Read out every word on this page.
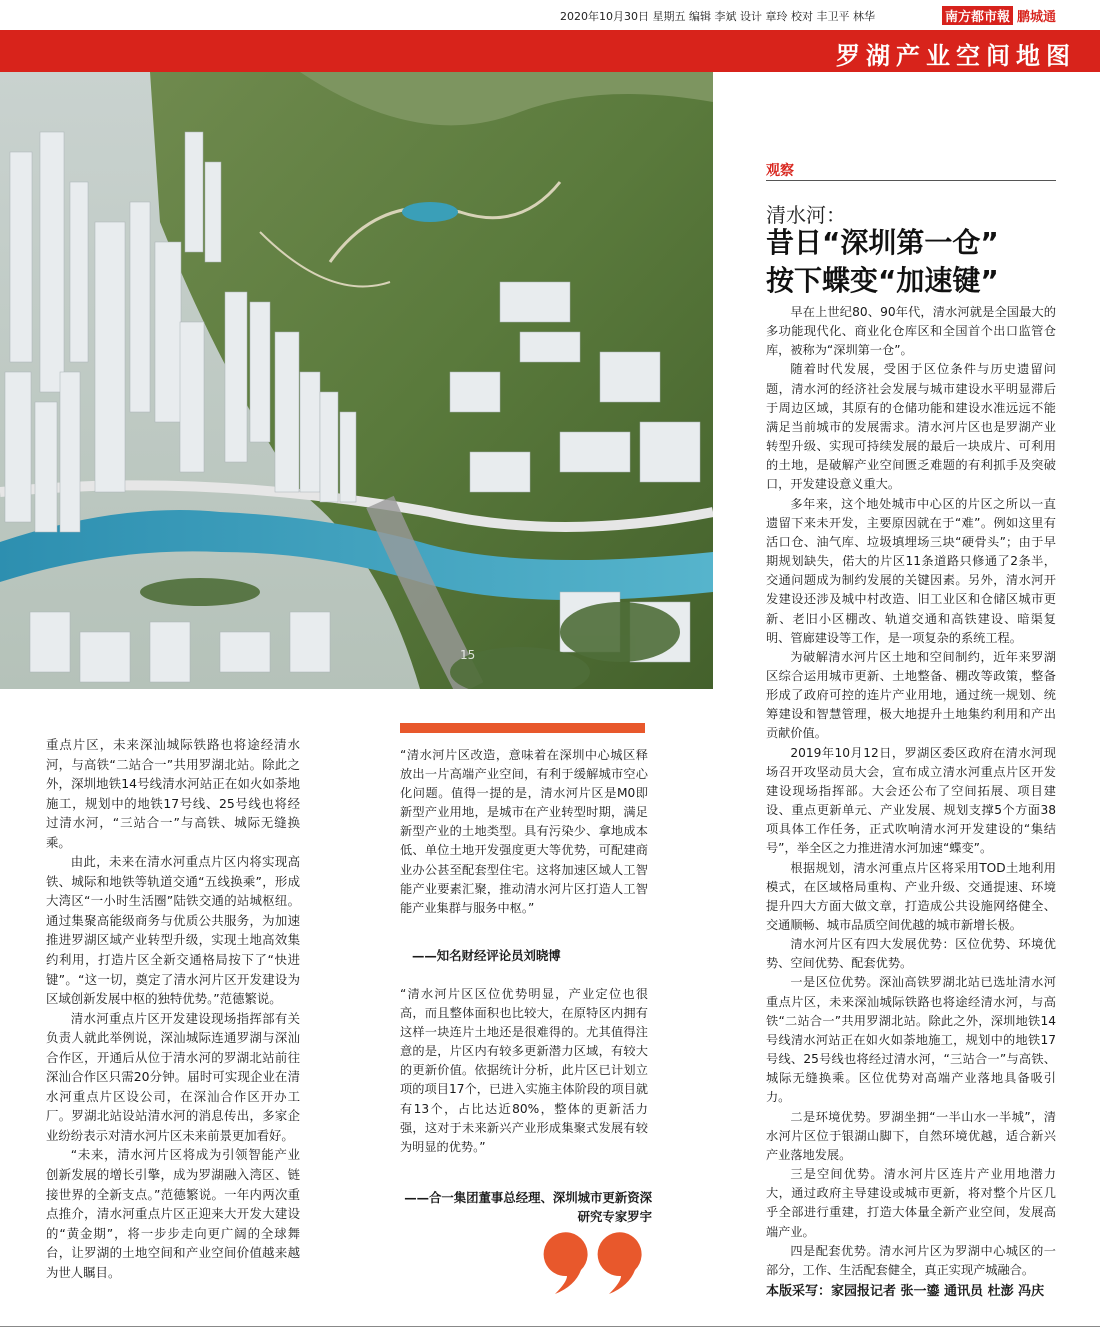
2020年10月30日 星期五 编辑 李斌 设计 章玲 校对 丰卫平 林华	南方都市報 鹏城通
罗湖产业空间地图
15
观察
清水河：
昔日“深圳第一仓”
按下蝶变“加速键”

早在上世纪80、90年代，清水河就是全国最大的多功能现代化、商业化仓库区和全国首个出口监管仓库，被称为“深圳第一仓”。

随着时代发展，受困于区位条件与历史遗留问题，清水河的经济社会发展与城市建设水平明显滞后于周边区域，其原有的仓储功能和建设水准远远不能满足当前城市的发展需求。清水河片区也是罗湖产业转型升级、实现可持续发展的最后一块成片、可利用的土地，是破解产业空间匮乏难题的有利抓手及突破口，开发建设意义重大。

多年来，这个地处城市中心区的片区之所以一直遗留下来未开发，主要原因就在于“难”。例如这里有活口仓、油气库、垃圾填埋场三块“硬骨头”；由于早期规划缺失，偌大的片区11条道路只修通了2条半，交通问题成为制约发展的关键因素。另外，清水河开发建设还涉及城中村改造、旧工业区和仓储区城市更新、老旧小区棚改、轨道交通和高铁建设、暗渠复明、管廊建设等工作，是一项复杂的系统工程。

为破解清水河片区土地和空间制约，近年来罗湖区综合运用城市更新、土地整备、棚改等政策，整备形成了政府可控的连片产业用地，通过统一规划、统筹建设和智慧管理，极大地提升土地集约利用和产出贡献价值。

2019年10月12日，罗湖区委区政府在清水河现场召开攻坚动员大会，宣布成立清水河重点片区开发建设现场指挥部。大会还公布了空间拓展、项目建设、重点更新单元、产业发展、规划支撑5个方面38项具体工作任务，正式吹响清水河开发建设的“集结号”，举全区之力推进清水河加速“蝶变”。

根据规划，清水河重点片区将采用TOD土地利用模式，在区域格局重构、产业升级、交通提速、环境提升四大方面大做文章，打造成公共设施网络健全、交通顺畅、城市品质空间优越的城市新增长极。

清水河片区有四大发展优势：区位优势、环境优势、空间优势、配套优势。

一是区位优势。深汕高铁罗湖北站已选址清水河重点片区，未来深汕城际铁路也将途经清水河，与高铁“二站合一”共用罗湖北站。除此之外，深圳地铁14号线清水河站正在如火如荼地施工，规划中的地铁17号线、25号线也将经过清水河，“三站合一”与高铁、城际无缝换乘。区位优势对高端产业落地具备吸引力。

二是环境优势。罗湖坐拥“一半山水一半城”，清水河片区位于银湖山脚下，自然环境优越，适合新兴产业落地发展。

三是空间优势。清水河片区连片产业用地潜力大，通过政府主导建设或城市更新，将对整个片区几乎全部进行重建，打造大体量全新产业空间，发展高端产业。

四是配套优势。清水河片区为罗湖中心城区的一部分，工作、生活配套健全，真正实现产城融合。

重点片区，未来深汕城际铁路也将途经清水河，与高铁“二站合一”共用罗湖北站。除此之外，深圳地铁14号线清水河站正在如火如荼地施工，规划中的地铁17号线、25号线也将经过清水河，“三站合一”与高铁、城际无缝换乘。

由此，未来在清水河重点片区内将实现高铁、城际和地铁等轨道交通“五线换乘”，形成大湾区“一小时生活圈”陆铁交通的站城枢纽。通过集聚高能级商务与优质公共服务，为加速推进罗湖区域产业转型升级，实现土地高效集约利用，打造片区全新交通格局按下了“快进键”。“这一切，奠定了清水河片区开发建设为区域创新发展中枢的独特优势。”范德繁说。

清水河重点片区开发建设现场指挥部有关负责人就此举例说，深汕城际连通罗湖与深汕合作区，开通后从位于清水河的罗湖北站前往深汕合作区只需20分钟。届时可实现企业在清水河重点片区设公司，在深汕合作区开办工厂。罗湖北站设站清水河的消息传出，多家企业纷纷表示对清水河片区未来前景更加看好。

“未来，清水河片区将成为引领智能产业创新发展的增长引擎，成为罗湖融入湾区、链接世界的全新支点。”范德繁说。一年内两次重点推介，清水河重点片区正迎来大开发大建设的“黄金期”，将一步步走向更广阔的全球舞台，让罗湖的土地空间和产业空间价值越来越为世人瞩目。

“清水河片区改造，意味着在深圳中心城区释放出一片高端产业空间，有利于缓解城市空心化问题。值得一提的是，清水河片区是M0即新型产业用地，是城市在产业转型时期，满足新型产业的土地类型。具有污染少、拿地成本低、单位土地开发强度更大等优势，可配建商业办公甚至配套型住宅。这将加速区域人工智能产业要素汇聚，推动清水河片区打造人工智能产业集群与服务中枢。”
——知名财经评论员刘晓博
“清水河片区区位优势明显，产业定位也很高，而且整体面积也比较大，在原特区内拥有这样一块连片土地还是很难得的。尤其值得注意的是，片区内有较多更新潜力区域，有较大的更新价值。依据统计分析，此片区已计划立项的项目17个，已进入实施主体阶段的项目就有13个，占比达近80%，整体的更新活力强，这对于未来新兴产业形成集聚式发展有较为明显的优势。”
——合一集团董事总经理、深圳城市更新资深研究专家罗宇
本版采写：家园报记者 张一鎏 通讯员 杜澎 冯庆
